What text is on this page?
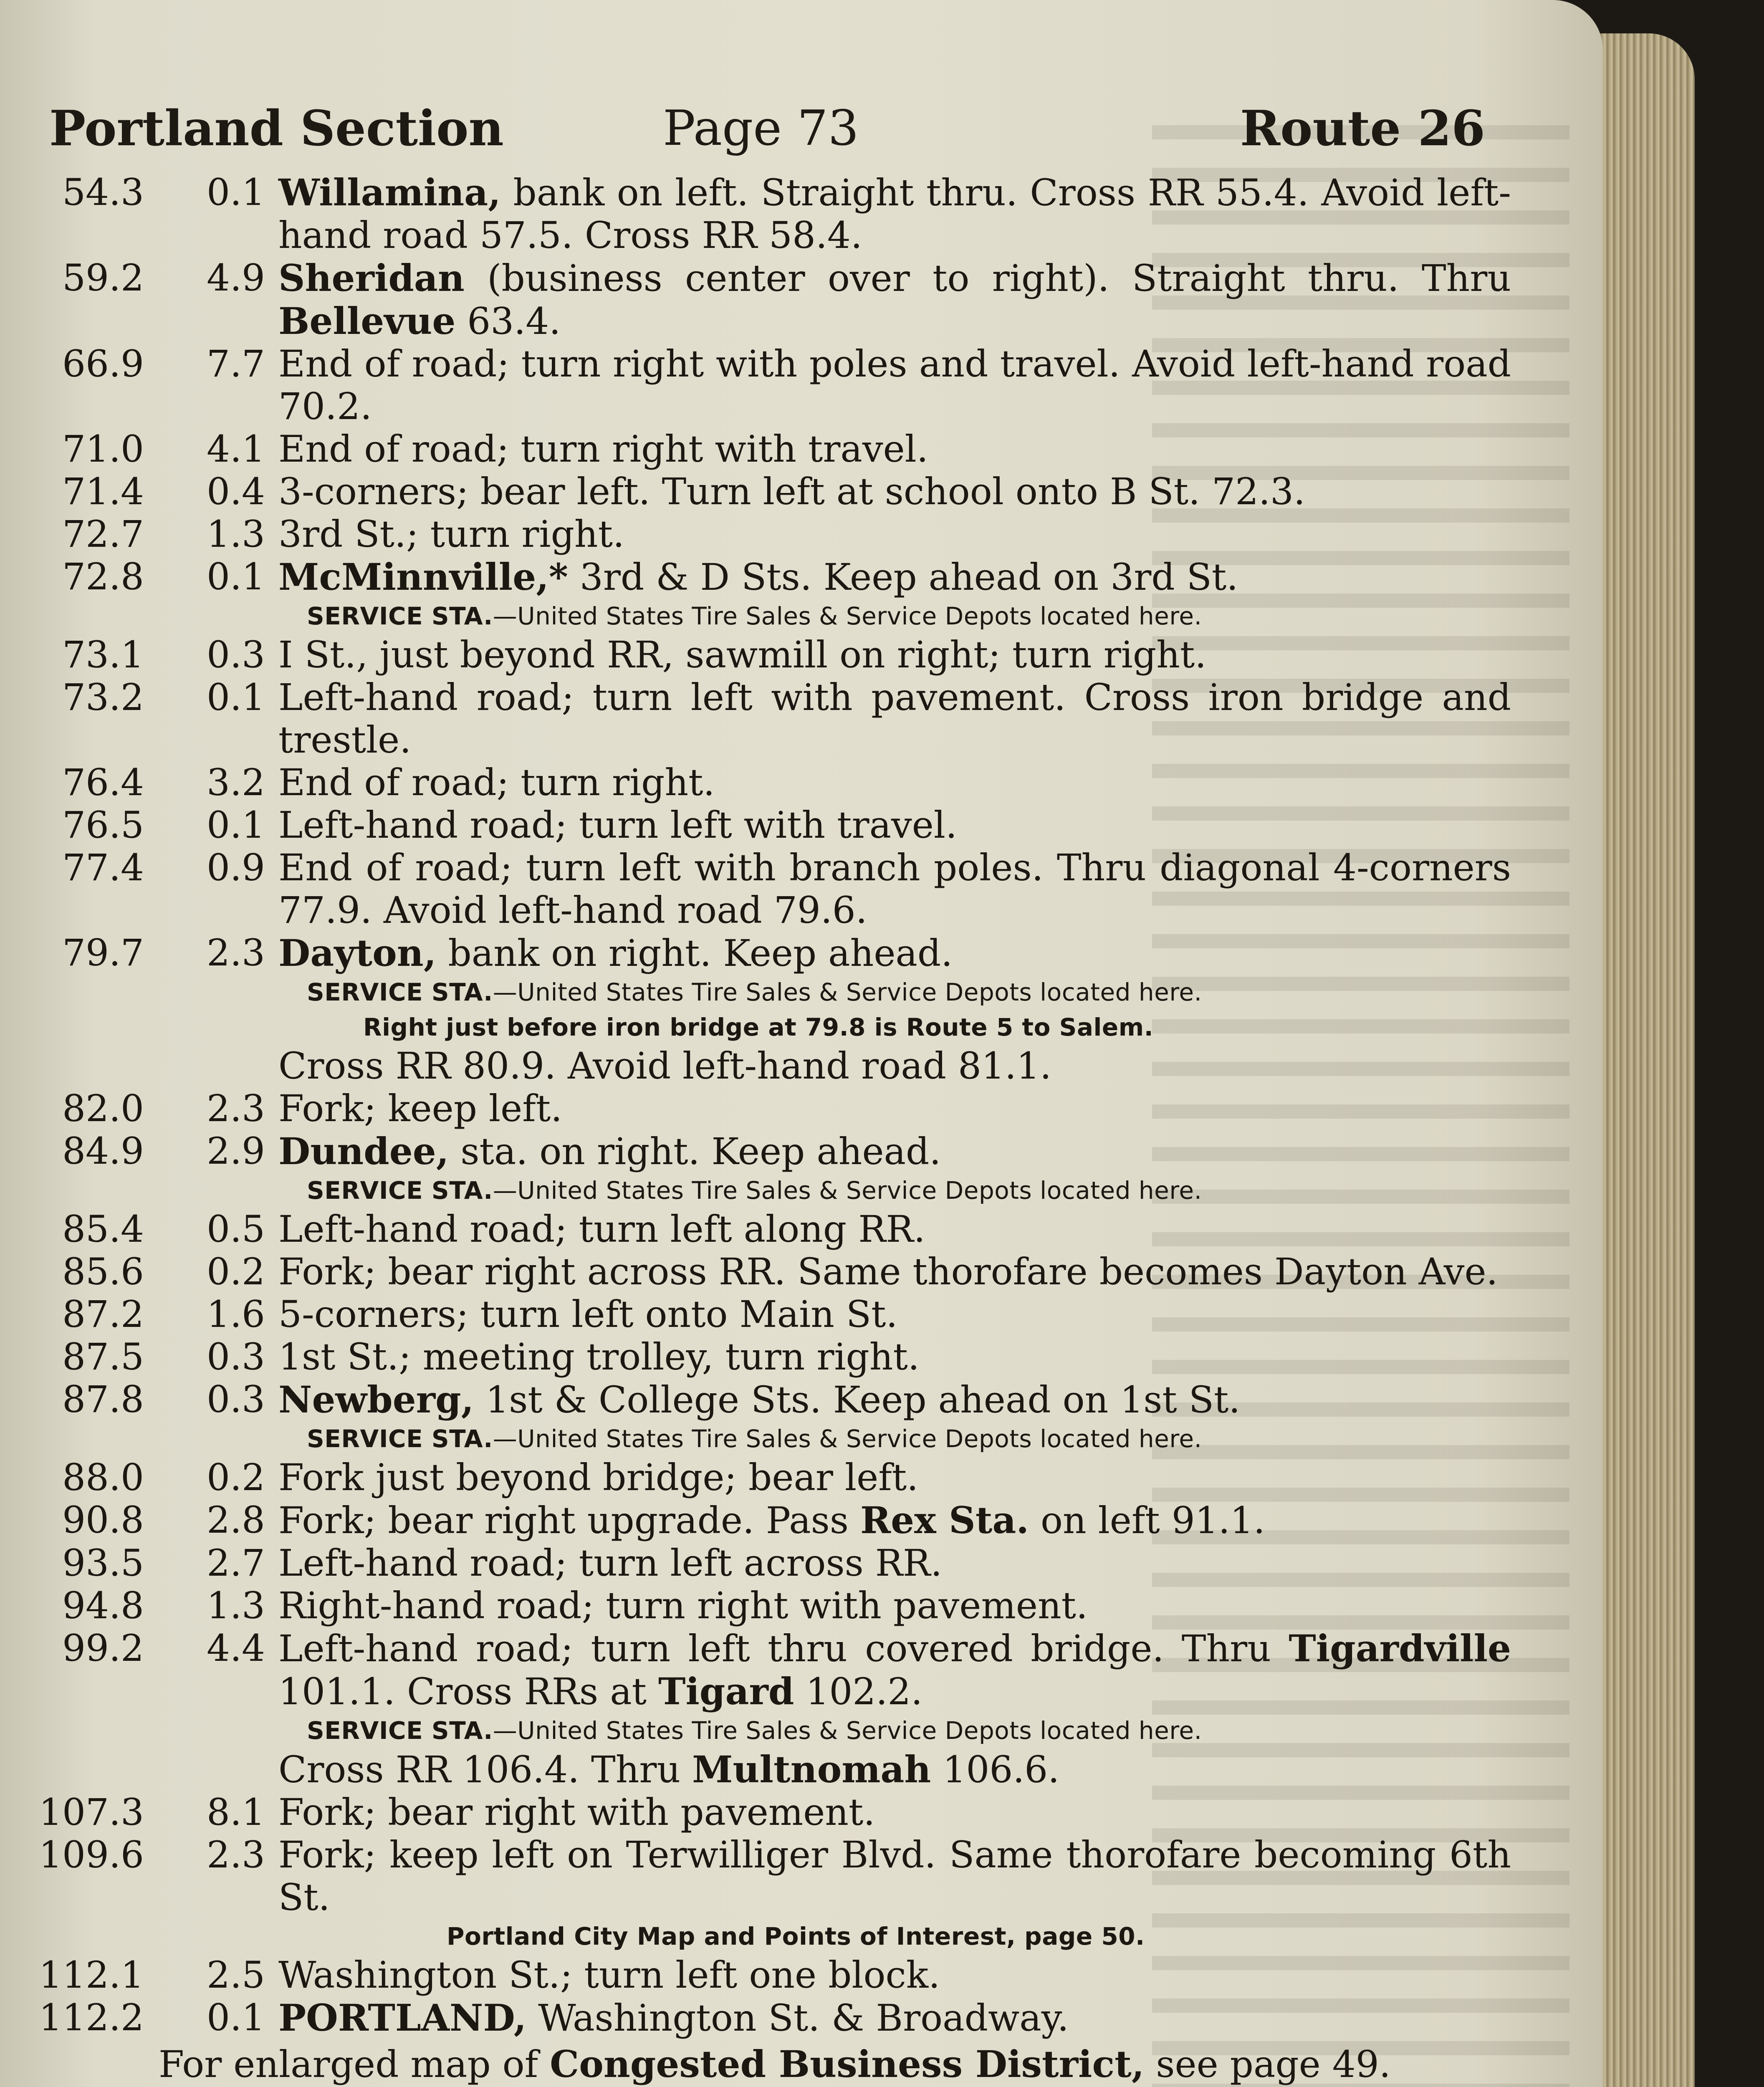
Portland Section	Page 73	Route 26
54.3	0.1 Willamina, bank on left. Straight thru. Cross RR 55.4. Avoid left-hand road 57.5. Cross RR 58.4.
59.2	4.9 Sheridan (business center over to right). Straight thru. Thru Bellevue 63.4.
66.9	7.7 End of road; turn right with poles and travel. Avoid left-hand road 70.2.
71.0	4.1 End of road; turn right with travel.
71.4	0.4 3-corners; bear left. Turn left at school onto B St. 72.3.
72.7	1.3 3rd St.; turn right.
72.8	0.1 McMinnville,* 3rd & D Sts. Keep ahead on 3rd St.
SERVICE STA.—United States Tire Sales & Service Depots located here.
73.1	0.3 I St., just beyond RR, sawmill on right; turn right.
73.2	0.1 Left-hand road; turn left with pavement. Cross iron bridge and trestle.
76.4	3.2 End of road; turn right.
76.5	0.1 Left-hand road; turn left with travel.
77.4	0.9 End of road; turn left with branch poles. Thru diagonal 4-corners 77.9. Avoid left-hand road 79.6.
79.7	2.3 Dayton, bank on right. Keep ahead.
SERVICE STA.—United States Tire Sales & Service Depots located here.
Right just before iron bridge at 79.8 is Route 5 to Salem.
Cross RR 80.9. Avoid left-hand road 81.1.
82.0	2.3 Fork; keep left.
84.9	2.9 Dundee, sta. on right. Keep ahead.
SERVICE STA.—United States Tire Sales & Service Depots located here.
85.4	0.5 Left-hand road; turn left along RR.
85.6	0.2 Fork; bear right across RR. Same thorofare becomes Dayton Ave.
87.2	1.6 5-corners; turn left onto Main St.
87.5	0.3 1st St.; meeting trolley, turn right.
87.8	0.3 Newberg, 1st & College Sts. Keep ahead on 1st St.
SERVICE STA.—United States Tire Sales & Service Depots located here.
88.0	0.2 Fork just beyond bridge; bear left.
90.8	2.8 Fork; bear right upgrade. Pass Rex Sta. on left 91.1.
93.5	2.7 Left-hand road; turn left across RR.
94.8	1.3 Right-hand road; turn right with pavement.
99.2	4.4 Left-hand road; turn left thru covered bridge. Thru Tigardville 101.1. Cross RRs at Tigard 102.2.
SERVICE STA.—United States Tire Sales & Service Depots located here.
Cross RR 106.4. Thru Multnomah 106.6.
107.3	8.1 Fork; bear right with pavement.
109.6	2.3 Fork; keep left on Terwilliger Blvd. Same thorofare becoming 6th St.
Portland City Map and Points of Interest, page 50.
112.1	2.5 Washington St.; turn left one block.
112.2	0.1 PORTLAND, Washington St. & Broadway.
For enlarged map of Congested Business District, see page 49.
